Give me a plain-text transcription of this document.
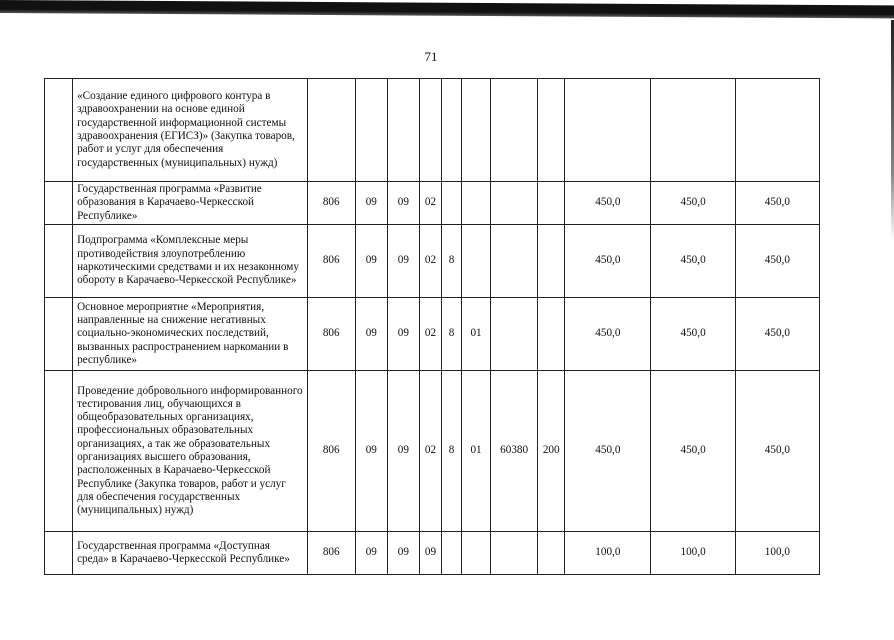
71
	«Создание единого цифрового контура в здравоохранении на основе единой государственной информационной системы здравоохранения (ЕГИСЗ)» (Закупка товаров, работ и услуг для обеспечения государственных (муниципальных) нужд)											
	Государственная программа «Развитие образования в Карачаево-Черкесской Республике»	806	09	09	02					450,0	450,0	450,0
	Подпрограмма «Комплексные меры противодействия злоупотреблению наркотическими средствами и их незаконному обороту в Карачаево-Черкесской Республике»	806	09	09	02	8				450,0	450,0	450,0
	Основное мероприятие «Мероприятия, направленные на снижение негативных социально-экономических последствий, вызванных распространением наркомании в республике»	806	09	09	02	8	01			450,0	450,0	450,0
	Проведение добровольного информированного тестирования лиц, обучающихся в общеобразовательных организациях, профессиональных образовательных организациях, а так же образовательных организациях высшего образования, расположенных в Карачаево-Черкесской Республике (Закупка товаров, работ и услуг для обеспечения государственных (муниципальных) нужд)	806	09	09	02	8	01	60380	200	450,0	450,0	450,0
	Государственная программа «Доступная среда» в Карачаево-Черкесской Республике»	806	09	09	09					100,0	100,0	100,0
